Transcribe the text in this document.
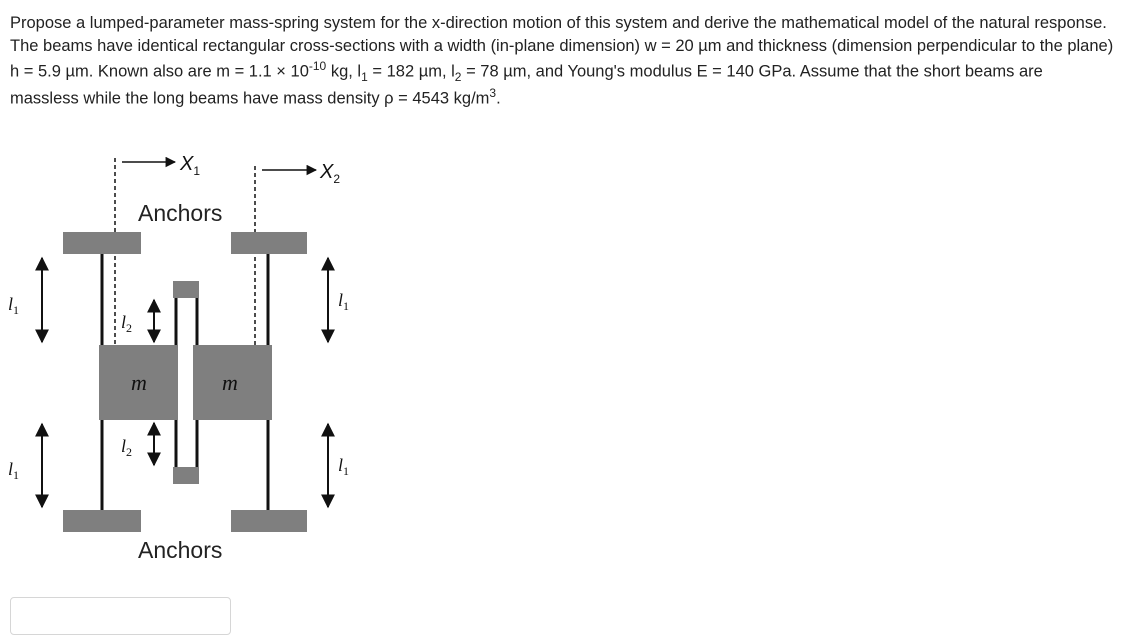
Propose a lumped-parameter mass-spring system for the x-direction motion of this system and derive the mathematical model of the natural response. The beams have identical rectangular cross-sections with a width (in-plane dimension) w = 20 µm and thickness (dimension perpendicular to the plane) h = 5.9 µm. Known also are $m = 1.1 \times 10^{-10}$ kg, $l_1 = 182$ µm, $l_2 = 78$ µm, and Young's modulus E = 140 GPa. Assume that the short beams are massless while the long beams have mass density ρ = 4543 $kg/m^3$.

$X_1$	$X_2$
Anchors
m	m
$l_1$
$l_1$
$l_1$
$l_1$
$l_2$
$l_2$
Anchors
